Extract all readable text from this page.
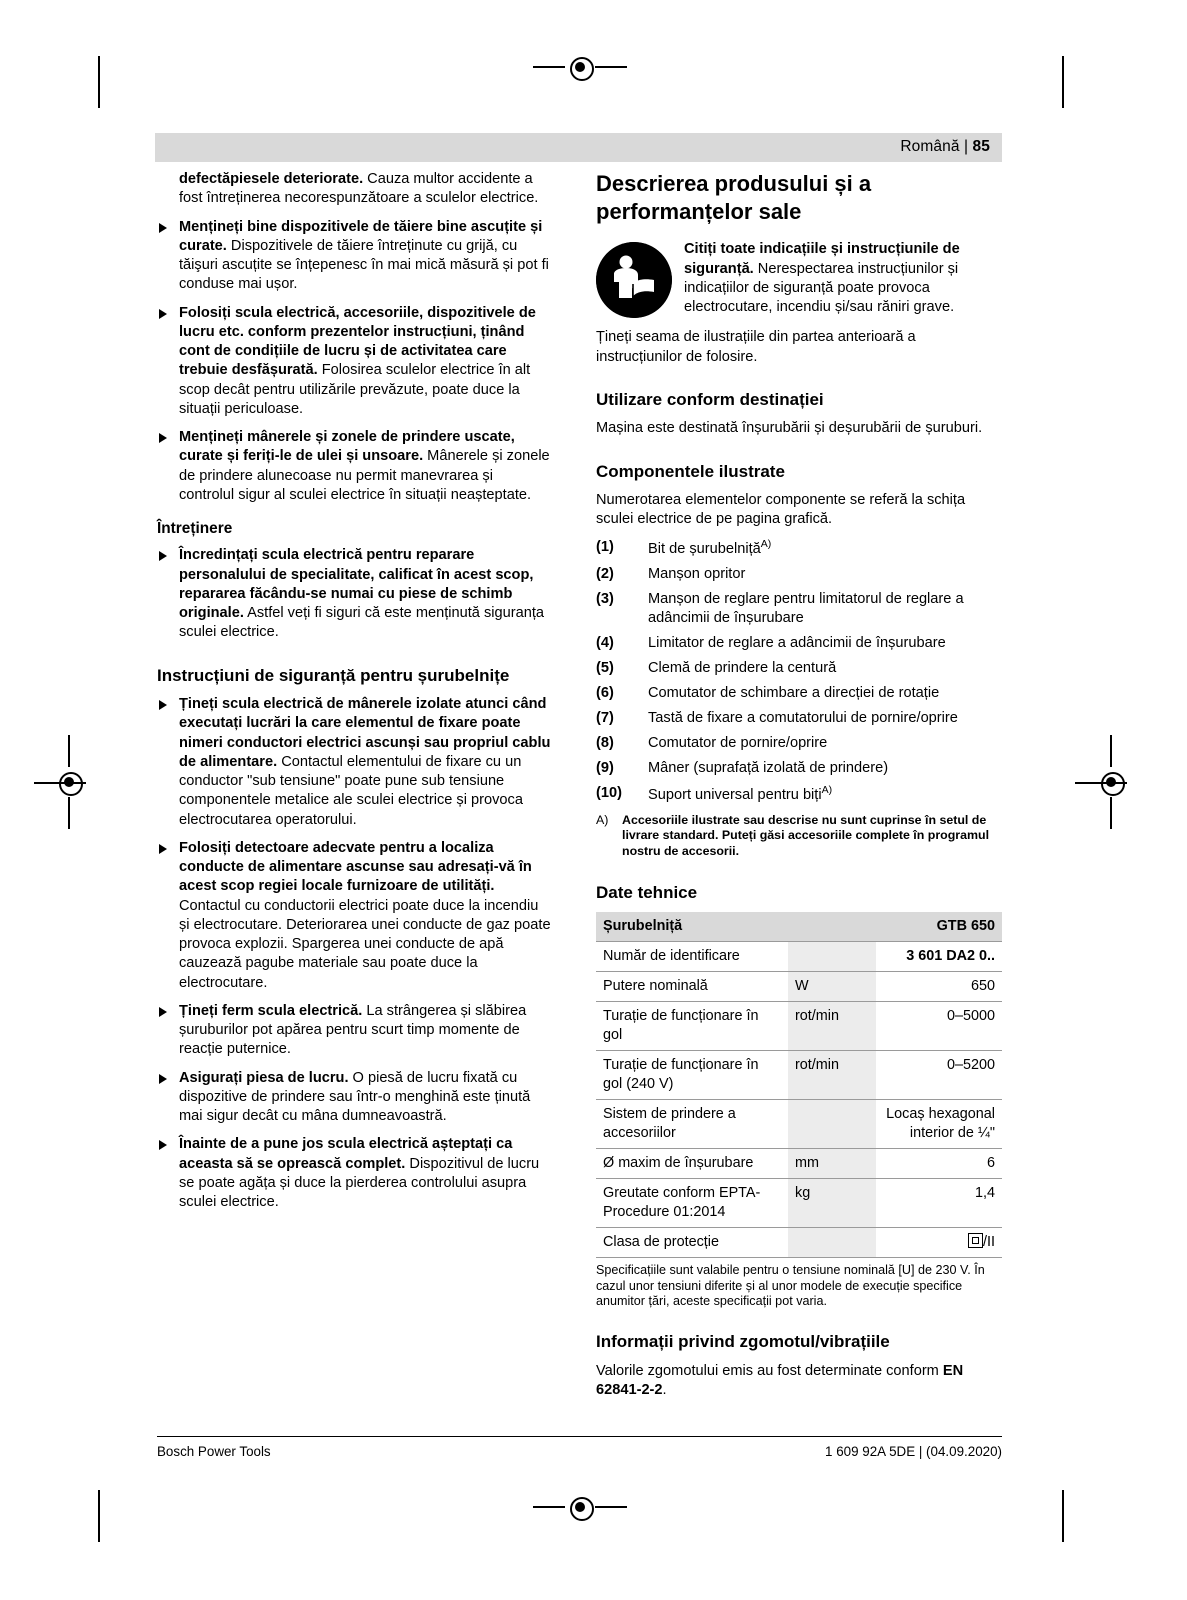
Română | 85
defectăpiesele deteriorate. Cauza multor accidente a fost întreținerea necorespunzătoare a sculelor electrice.
Mențineți bine dispozitivele de tăiere bine ascuțite și curate. Dispozitivele de tăiere întreținute cu grijă, cu tăişuri ascuțite se înțepenesc în mai mică măsură și pot fi conduse mai ușor.
Folosiți scula electrică, accesoriile, dispozitivele de lucru etc. conform prezentelor instrucțiuni, ținând cont de condițiile de lucru și de activitatea care trebuie desfășurată. Folosirea sculelor electrice în alt scop decât pentru utilizările prevăzute, poate duce la situații periculoase.
Mențineți mânerele și zonele de prindere uscate, curate și feriți-le de ulei și unsoare. Mânerele și zonele de prindere alunecoase nu permit manevrarea și controlul sigur al sculei electrice în situații neașteptate.
Întreținere
Încredințați scula electrică pentru reparare personalului de specialitate, calificat în acest scop, repararea făcându-se numai cu piese de schimb originale. Astfel veți fi siguri că este menținută siguranța sculei electrice.
Instrucțiuni de siguranță pentru șurubelnițe
Țineți scula electrică de mânerele izolate atunci când executați lucrări la care elementul de fixare poate nimeri conductori electrici ascunși sau propriul cablu de alimentare. Contactul elementului de fixare cu un conductor "sub tensiune" poate pune sub tensiune componentele metalice ale sculei electrice și provoca electrocutarea operatorului.
Folosiți detectoare adecvate pentru a localiza conducte de alimentare ascunse sau adresați-vă în acest scop regiei locale furnizoare de utilități. Contactul cu conductorii electrici poate duce la incendiu și electrocutare. Deteriorarea unei conducte de gaz poate provoca explozii. Spargerea unei conducte de apă cauzează pagube materiale sau poate duce la electrocutare.
Țineți ferm scula electrică. La strângerea și slăbirea șuruburilor pot apărea pentru scurt timp momente de reacție puternice.
Asigurați piesa de lucru. O piesă de lucru fixată cu dispozitive de prindere sau într-o menghină este ținută mai sigur decât cu mâna dumneavoastră.
Înainte de a pune jos scula electrică așteptați ca aceasta să se oprească complet. Dispozitivul de lucru se poate agăța și duce la pierderea controlului asupra sculei electrice.
Descrierea produsului și a performanțelor sale
Citiți toate indicațiile și instrucțiunile de siguranță. Nerespectarea instrucțiunilor și indicațiilor de siguranță poate provoca electrocutare, incendiu și/sau răniri grave.

Țineți seama de ilustrațiile din partea anterioară a instrucțiunilor de folosire.

Utilizare conform destinației

Mașina este destinată înșurubării și deșurubării de șuruburi.

Componentele ilustrate

Numerotarea elementelor componente se referă la schița sculei electrice de pe pagina grafică.

(1)	Bit de șurubelniță$^{A)}$
(2)	Manșon opritor
(3)	Manșon de reglare pentru limitatorul de reglare a adâncimii de înșurubare
(4)	Limitator de reglare a adâncimii de înșurubare
(5)	Clemă de prindere la centură
(6)	Comutator de schimbare a direcției de rotație
(7)	Tastă de fixare a comutatorului de pornire/oprire
(8)	Comutator de pornire/oprire
(9)	Mâner (suprafață izolată de prindere)
(10)	Suport universal pentru biți$^{A)}$
A)	Accesoriile ilustrate sau descrise nu sunt cuprinse în setul de livrare standard. Puteți găsi accesoriile complete în programul nostru de accesorii.
Date tehnice
Șurubelniță		GTB 650
Număr de identificare		3 601 DA2 0..
Putere nominală	W	650
Turație de funcționare în gol	rot/min	0–5000
Turație de funcționare în gol (240 V)	rot/min	0–5200
Sistem de prindere a accesoriilor		Locaș hexagonal interior de ¼"
Ø maxim de înșurubare	mm	6
Greutate conform EPTA-Procedure 01:2014	kg	1,4
Clasa de protecție		/II

Specificațiile sunt valabile pentru o tensiune nominală [U] de 230 V. În cazul unor tensiuni diferite și al unor modele de execuție specifice anumitor țări, aceste specificații pot varia.

Informații privind zgomotul/vibrațiile

Valorile zgomotului emis au fost determinate conform EN 62841-2-2.

Bosch Power Tools	1 609 92A 5DE | (04.09.2020)
